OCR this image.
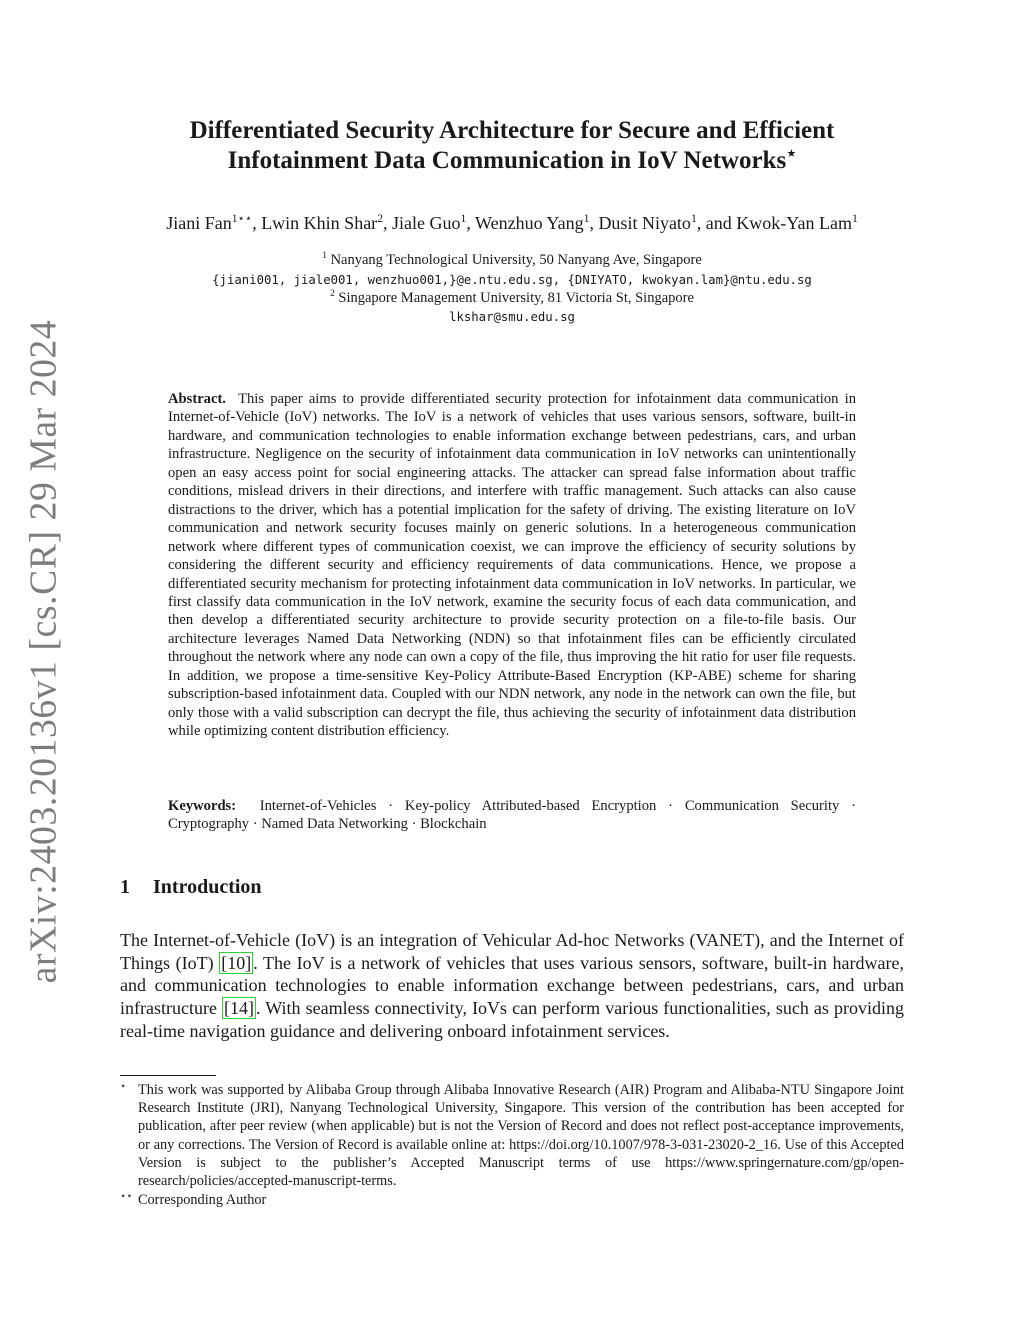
arXiv:2403.20136v1 [cs.CR] 29 Mar 2024
Differentiated Security Architecture for Secure and Efficient
Infotainment Data Communication in IoV Networks⋆
Jiani Fan$^{1⋆⋆}$, Lwin Khin Shar$^2$, Jiale Guo$^1$, Wenzhuo Yang$^1$, Dusit Niyato$^1$, and Kwok-Yan Lam$^1$
$^1$ Nanyang Technological University, 50 Nanyang Ave, Singapore
{jiani001, jiale001, wenzhuo001,}@e.ntu.edu.sg, {DNIYATO, kwokyan.lam}@ntu.edu.sg
$^2$ Singapore Management University, 81 Victoria St, Singapore
lkshar@smu.edu.sg

Abstract. This paper aims to provide differentiated security protection for infotainment data communication in Internet-of-Vehicle (IoV) networks. The IoV is a network of vehicles that uses various sensors, software, built-in hardware, and communication technologies to enable information exchange between pedestrians, cars, and urban infrastructure. Negligence on the security of infotainment data communication in IoV networks can unintentionally open an easy access point for social engineering attacks. The attacker can spread false information about traffic conditions, mislead drivers in their directions, and interfere with traffic management. Such attacks can also cause distractions to the driver, which has a potential implication for the safety of driving. The existing literature on IoV communication and network security focuses mainly on generic solutions. In a heterogeneous communication network where different types of communication coexist, we can improve the efficiency of security solutions by considering the different security and efficiency requirements of data communications. Hence, we propose a differentiated security mechanism for protecting infotainment data communication in IoV networks. In particular, we first classify data communication in the IoV network, examine the security focus of each data communication, and then develop a differentiated security architecture to provide security protection on a file-to-file basis. Our architecture leverages Named Data Networking (NDN) so that infotainment files can be efficiently circulated throughout the network where any node can own a copy of the file, thus improving the hit ratio for user file requests. In addition, we propose a time-sensitive Key-Policy Attribute-Based Encryption (KP-ABE) scheme for sharing subscription-based infotainment data. Coupled with our NDN network, any node in the network can own the file, but only those with a valid subscription can decrypt the file, thus achieving the security of infotainment data distribution while optimizing content distribution efficiency.

Keywords: Internet-of-Vehicles · Key-policy Attributed-based Encryption · Communication Security · Cryptography · Named Data Networking · Blockchain

1 Introduction

The Internet-of-Vehicle (IoV) is an integration of Vehicular Ad-hoc Networks (VANET), and the Internet of Things (IoT) [10] . The IoV is a network of vehicles that uses various sensors, software, built-in hardware, and communication technologies to enable information exchange between pedestrians, cars, and urban infrastructure [14] . With seamless connectivity, IoVs can perform various functionalities, such as providing real-time navigation guidance and delivering onboard infotainment services.

⋆ This work was supported by Alibaba Group through Alibaba Innovative Research (AIR) Program and Alibaba-NTU Singapore Joint Research Institute (JRI), Nanyang Technological University, Singapore. This version of the contribution has been accepted for publication, after peer review (when applicable) but is not the Version of Record and does not reflect post-acceptance improvements, or any corrections. The Version of Record is available online at: https://doi.org/10.1007/978-3-031-23020-2_16. Use of this Accepted Version is subject to the publisher’s Accepted Manuscript terms of use https://www.springernature.com/gp/open-research/policies/accepted-manuscript-terms.
⋆⋆ Corresponding Author
